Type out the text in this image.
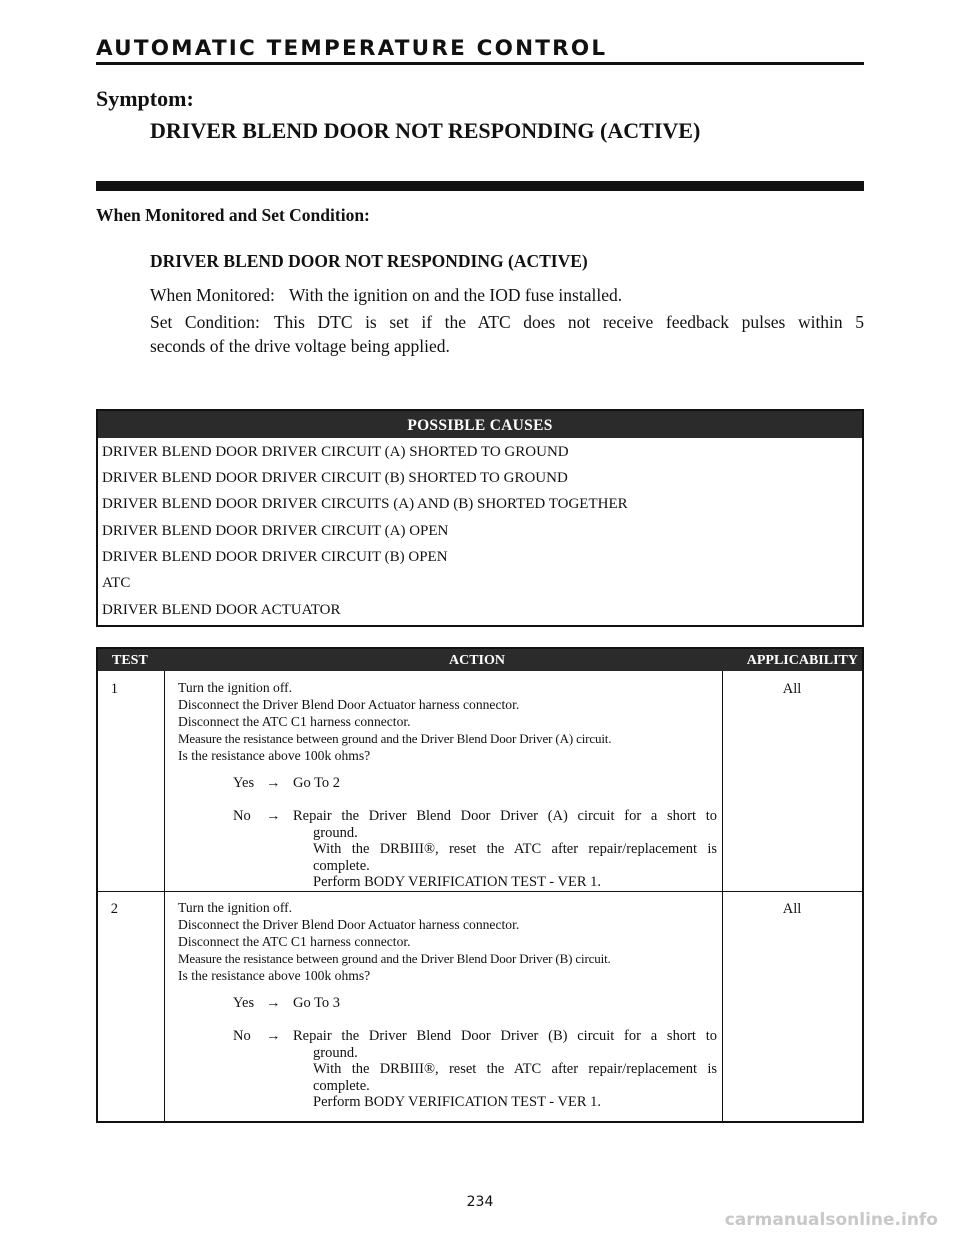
AUTOMATIC TEMPERATURE CONTROL
Symptom:
DRIVER BLEND DOOR NOT RESPONDING (ACTIVE)
When Monitored and Set Condition:
DRIVER BLEND DOOR NOT RESPONDING (ACTIVE)
When Monitored: With the ignition on and the IOD fuse installed.
Set Condition: This DTC is set if the ATC does not receive feedback pulses within 5
seconds of the drive voltage being applied.
POSSIBLE CAUSES
DRIVER BLEND DOOR DRIVER CIRCUIT (A) SHORTED TO GROUND
DRIVER BLEND DOOR DRIVER CIRCUIT (B) SHORTED TO GROUND
DRIVER BLEND DOOR DRIVER CIRCUITS (A) AND (B) SHORTED TOGETHER
DRIVER BLEND DOOR DRIVER CIRCUIT (A) OPEN
DRIVER BLEND DOOR DRIVER CIRCUIT (B) OPEN
ATC
DRIVER BLEND DOOR ACTUATOR
TEST	ACTION	APPLICABILITY
1	Turn the ignition off.
Disconnect the Driver Blend Door Actuator harness connector.
Disconnect the ATC C1 harness connector.
Measure the resistance between ground and the Driver Blend Door Driver (A) circuit.
Is the resistance above 100k ohms?
Yes → Go To 2
No → Repair the Driver Blend Door Driver (A) circuit for a short to
ground.
With the DRBIII®, reset the ATC after repair/replacement is
complete.
Perform BODY VERIFICATION TEST - VER 1.
All
2	Turn the ignition off.
Disconnect the Driver Blend Door Actuator harness connector.
Disconnect the ATC C1 harness connector.
Measure the resistance between ground and the Driver Blend Door Driver (B) circuit.
Is the resistance above 100k ohms?
Yes → Go To 3
No → Repair the Driver Blend Door Driver (B) circuit for a short to
ground.
With the DRBIII®, reset the ATC after repair/replacement is
complete.
Perform BODY VERIFICATION TEST - VER 1.
All
234
carmanualsonline.info
